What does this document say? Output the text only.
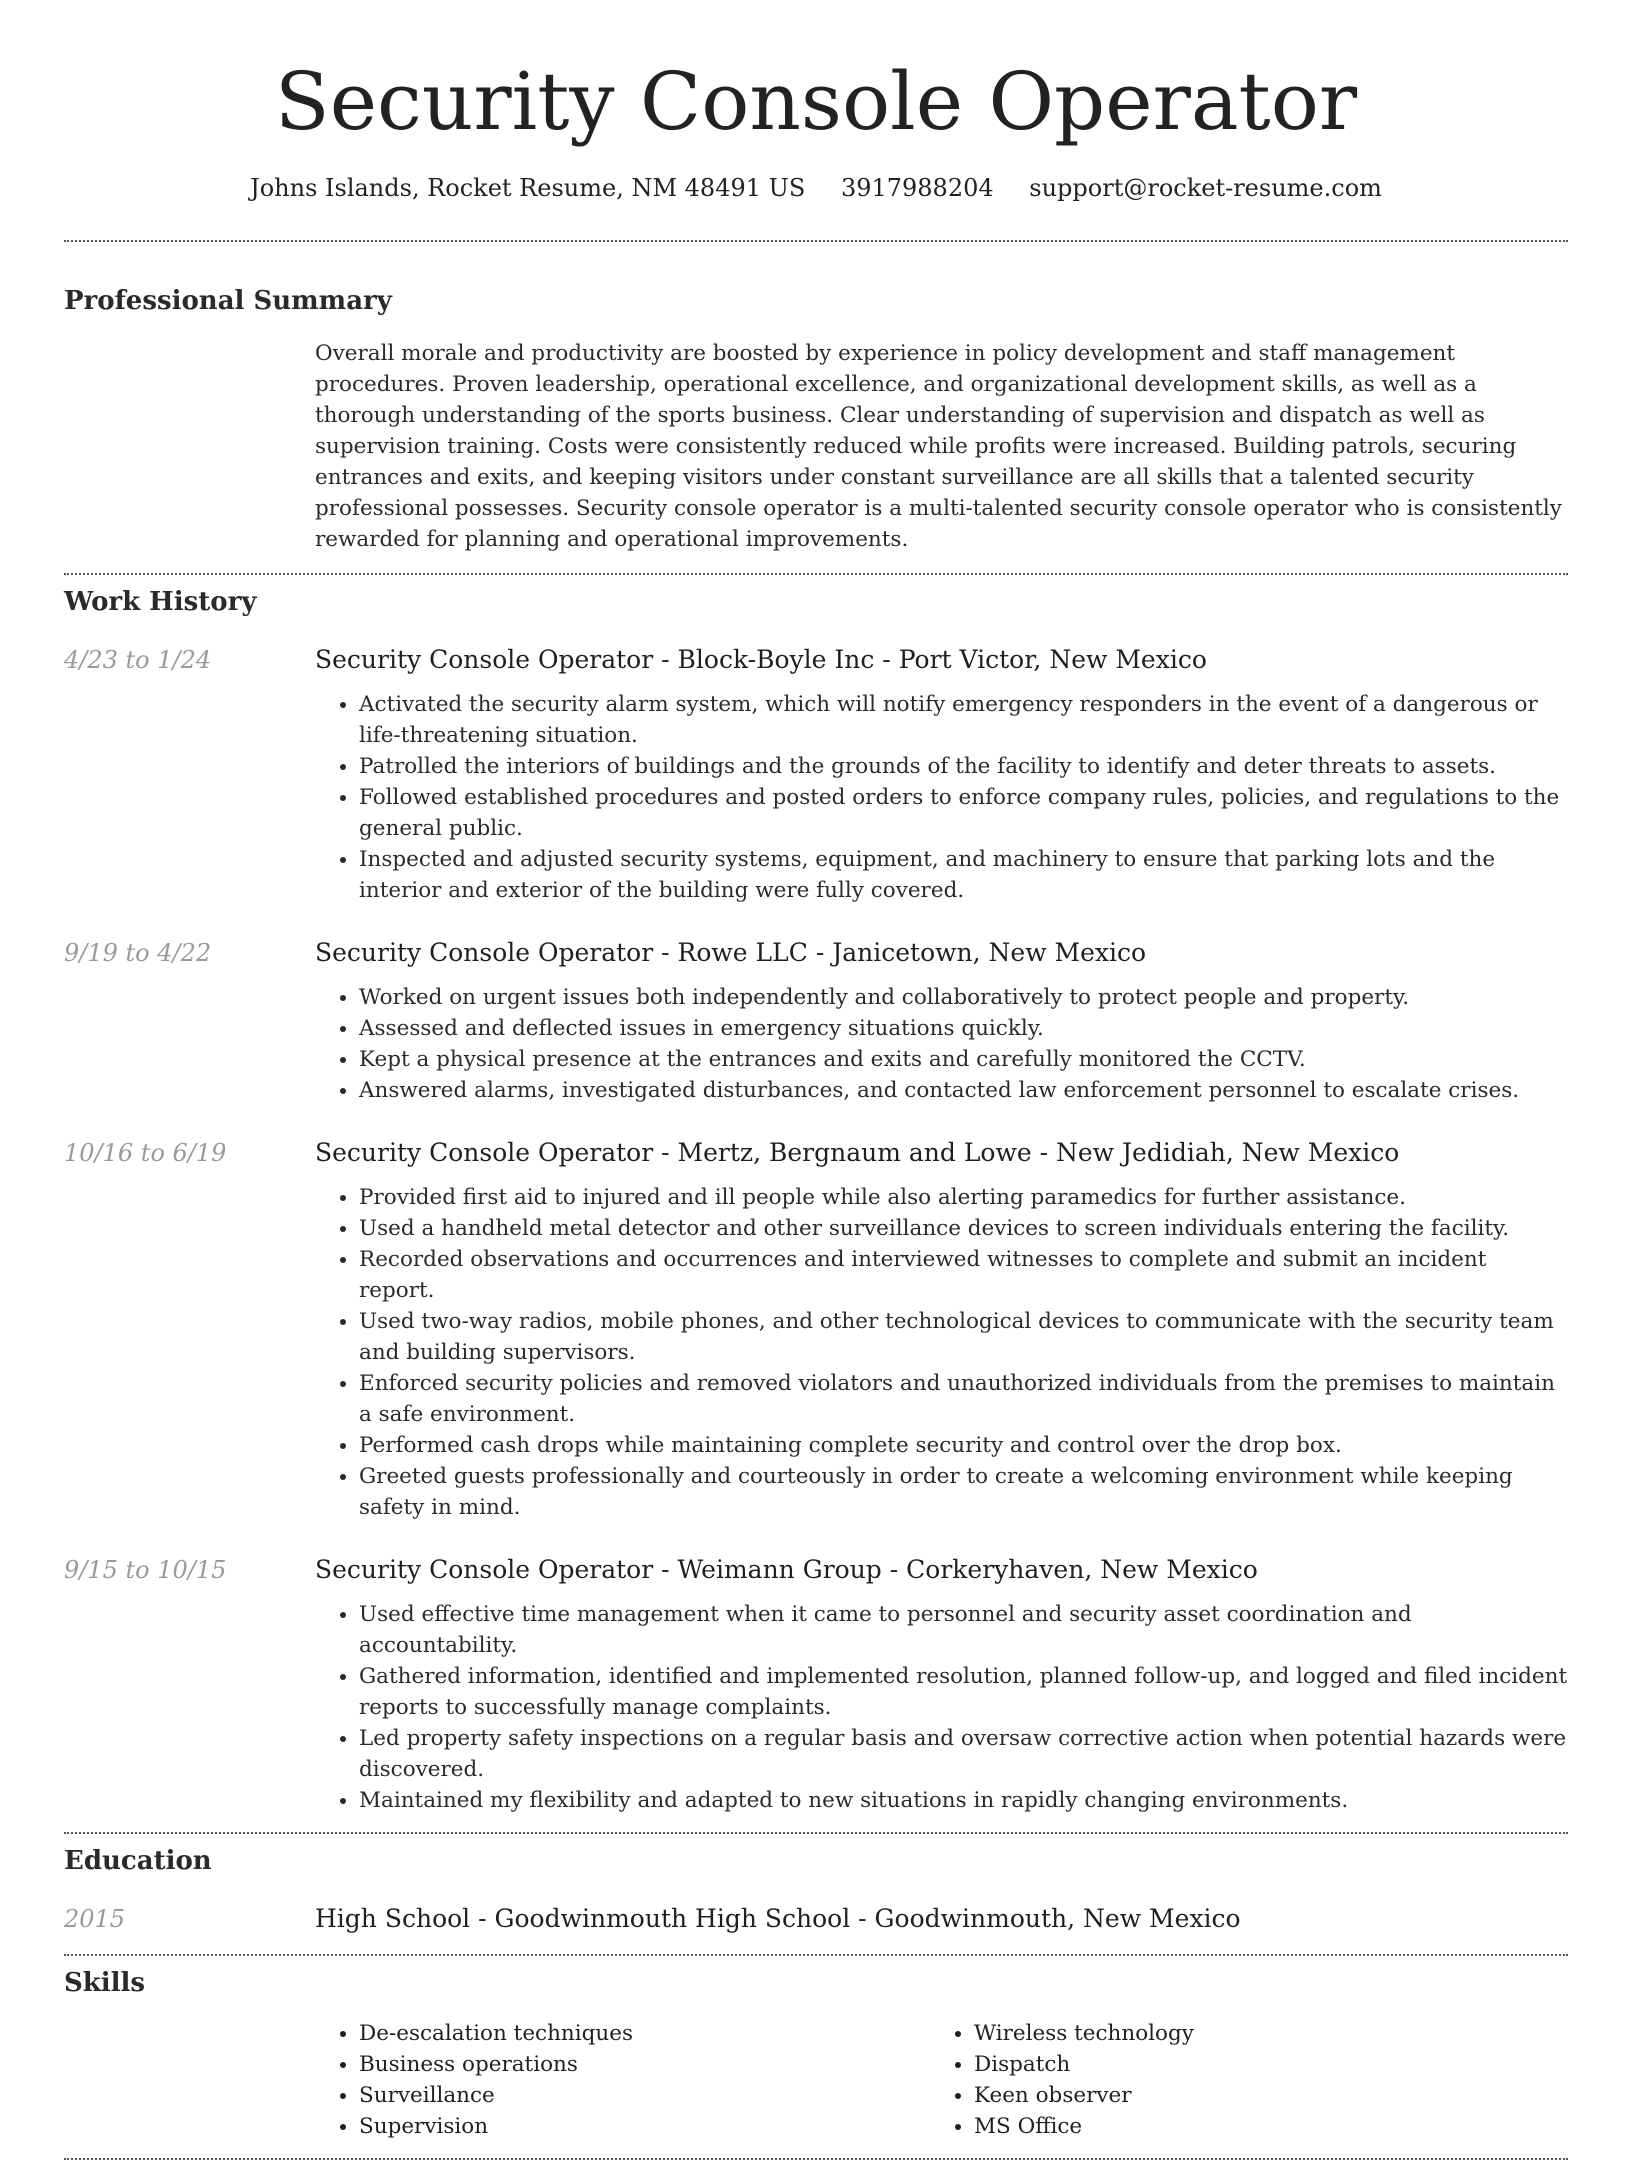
Security Console Operator
Johns Islands, Rocket Resume, NM 48491 US 3917988204 support@rocket-resume.com
Professional Summary
Overall morale and productivity are boosted by experience in policy development and staff management procedures. Proven leadership, operational excellence, and organizational development skills, as well as a thorough understanding of the sports business. Clear understanding of supervision and dispatch as well as supervision training. Costs were consistently reduced while profits were increased. Building patrols, securing entrances and exits, and keeping visitors under constant surveillance are all skills that a talented security professional possesses. Security console operator is a multi-talented security console operator who is consistently rewarded for planning and operational improvements.
Work History
4/23 to 1/24	Security Console Operator - Block-Boyle Inc - Port Victor, New Mexico
• Activated the security alarm system, which will notify emergency responders in the event of a dangerous or life-threatening situation.
• Patrolled the interiors of buildings and the grounds of the facility to identify and deter threats to assets.
• Followed established procedures and posted orders to enforce company rules, policies, and regulations to the general public.
• Inspected and adjusted security systems, equipment, and machinery to ensure that parking lots and the interior and exterior of the building were fully covered.
9/19 to 4/22	Security Console Operator - Rowe LLC - Janicetown, New Mexico
• Worked on urgent issues both independently and collaboratively to protect people and property.
• Assessed and deflected issues in emergency situations quickly.
• Kept a physical presence at the entrances and exits and carefully monitored the CCTV.
• Answered alarms, investigated disturbances, and contacted law enforcement personnel to escalate crises.
10/16 to 6/19	Security Console Operator - Mertz, Bergnaum and Lowe - New Jedidiah, New Mexico
• Provided first aid to injured and ill people while also alerting paramedics for further assistance.
• Used a handheld metal detector and other surveillance devices to screen individuals entering the facility.
• Recorded observations and occurrences and interviewed witnesses to complete and submit an incident report.
• Used two-way radios, mobile phones, and other technological devices to communicate with the security team and building supervisors.
• Enforced security policies and removed violators and unauthorized individuals from the premises to maintain a safe environment.
• Performed cash drops while maintaining complete security and control over the drop box.
• Greeted guests professionally and courteously in order to create a welcoming environment while keeping safety in mind.
9/15 to 10/15	Security Console Operator - Weimann Group - Corkeryhaven, New Mexico
• Used effective time management when it came to personnel and security asset coordination and accountability.
• Gathered information, identified and implemented resolution, planned follow-up, and logged and filed incident reports to successfully manage complaints.
• Led property safety inspections on a regular basis and oversaw corrective action when potential hazards were discovered.
• Maintained my flexibility and adapted to new situations in rapidly changing environments.
Education
2015	High School - Goodwinmouth High School - Goodwinmouth, New Mexico
Skills
• De-escalation techniques
• Business operations
• Surveillance
• Supervision
• Wireless technology
• Dispatch
• Keen observer
• MS Office
